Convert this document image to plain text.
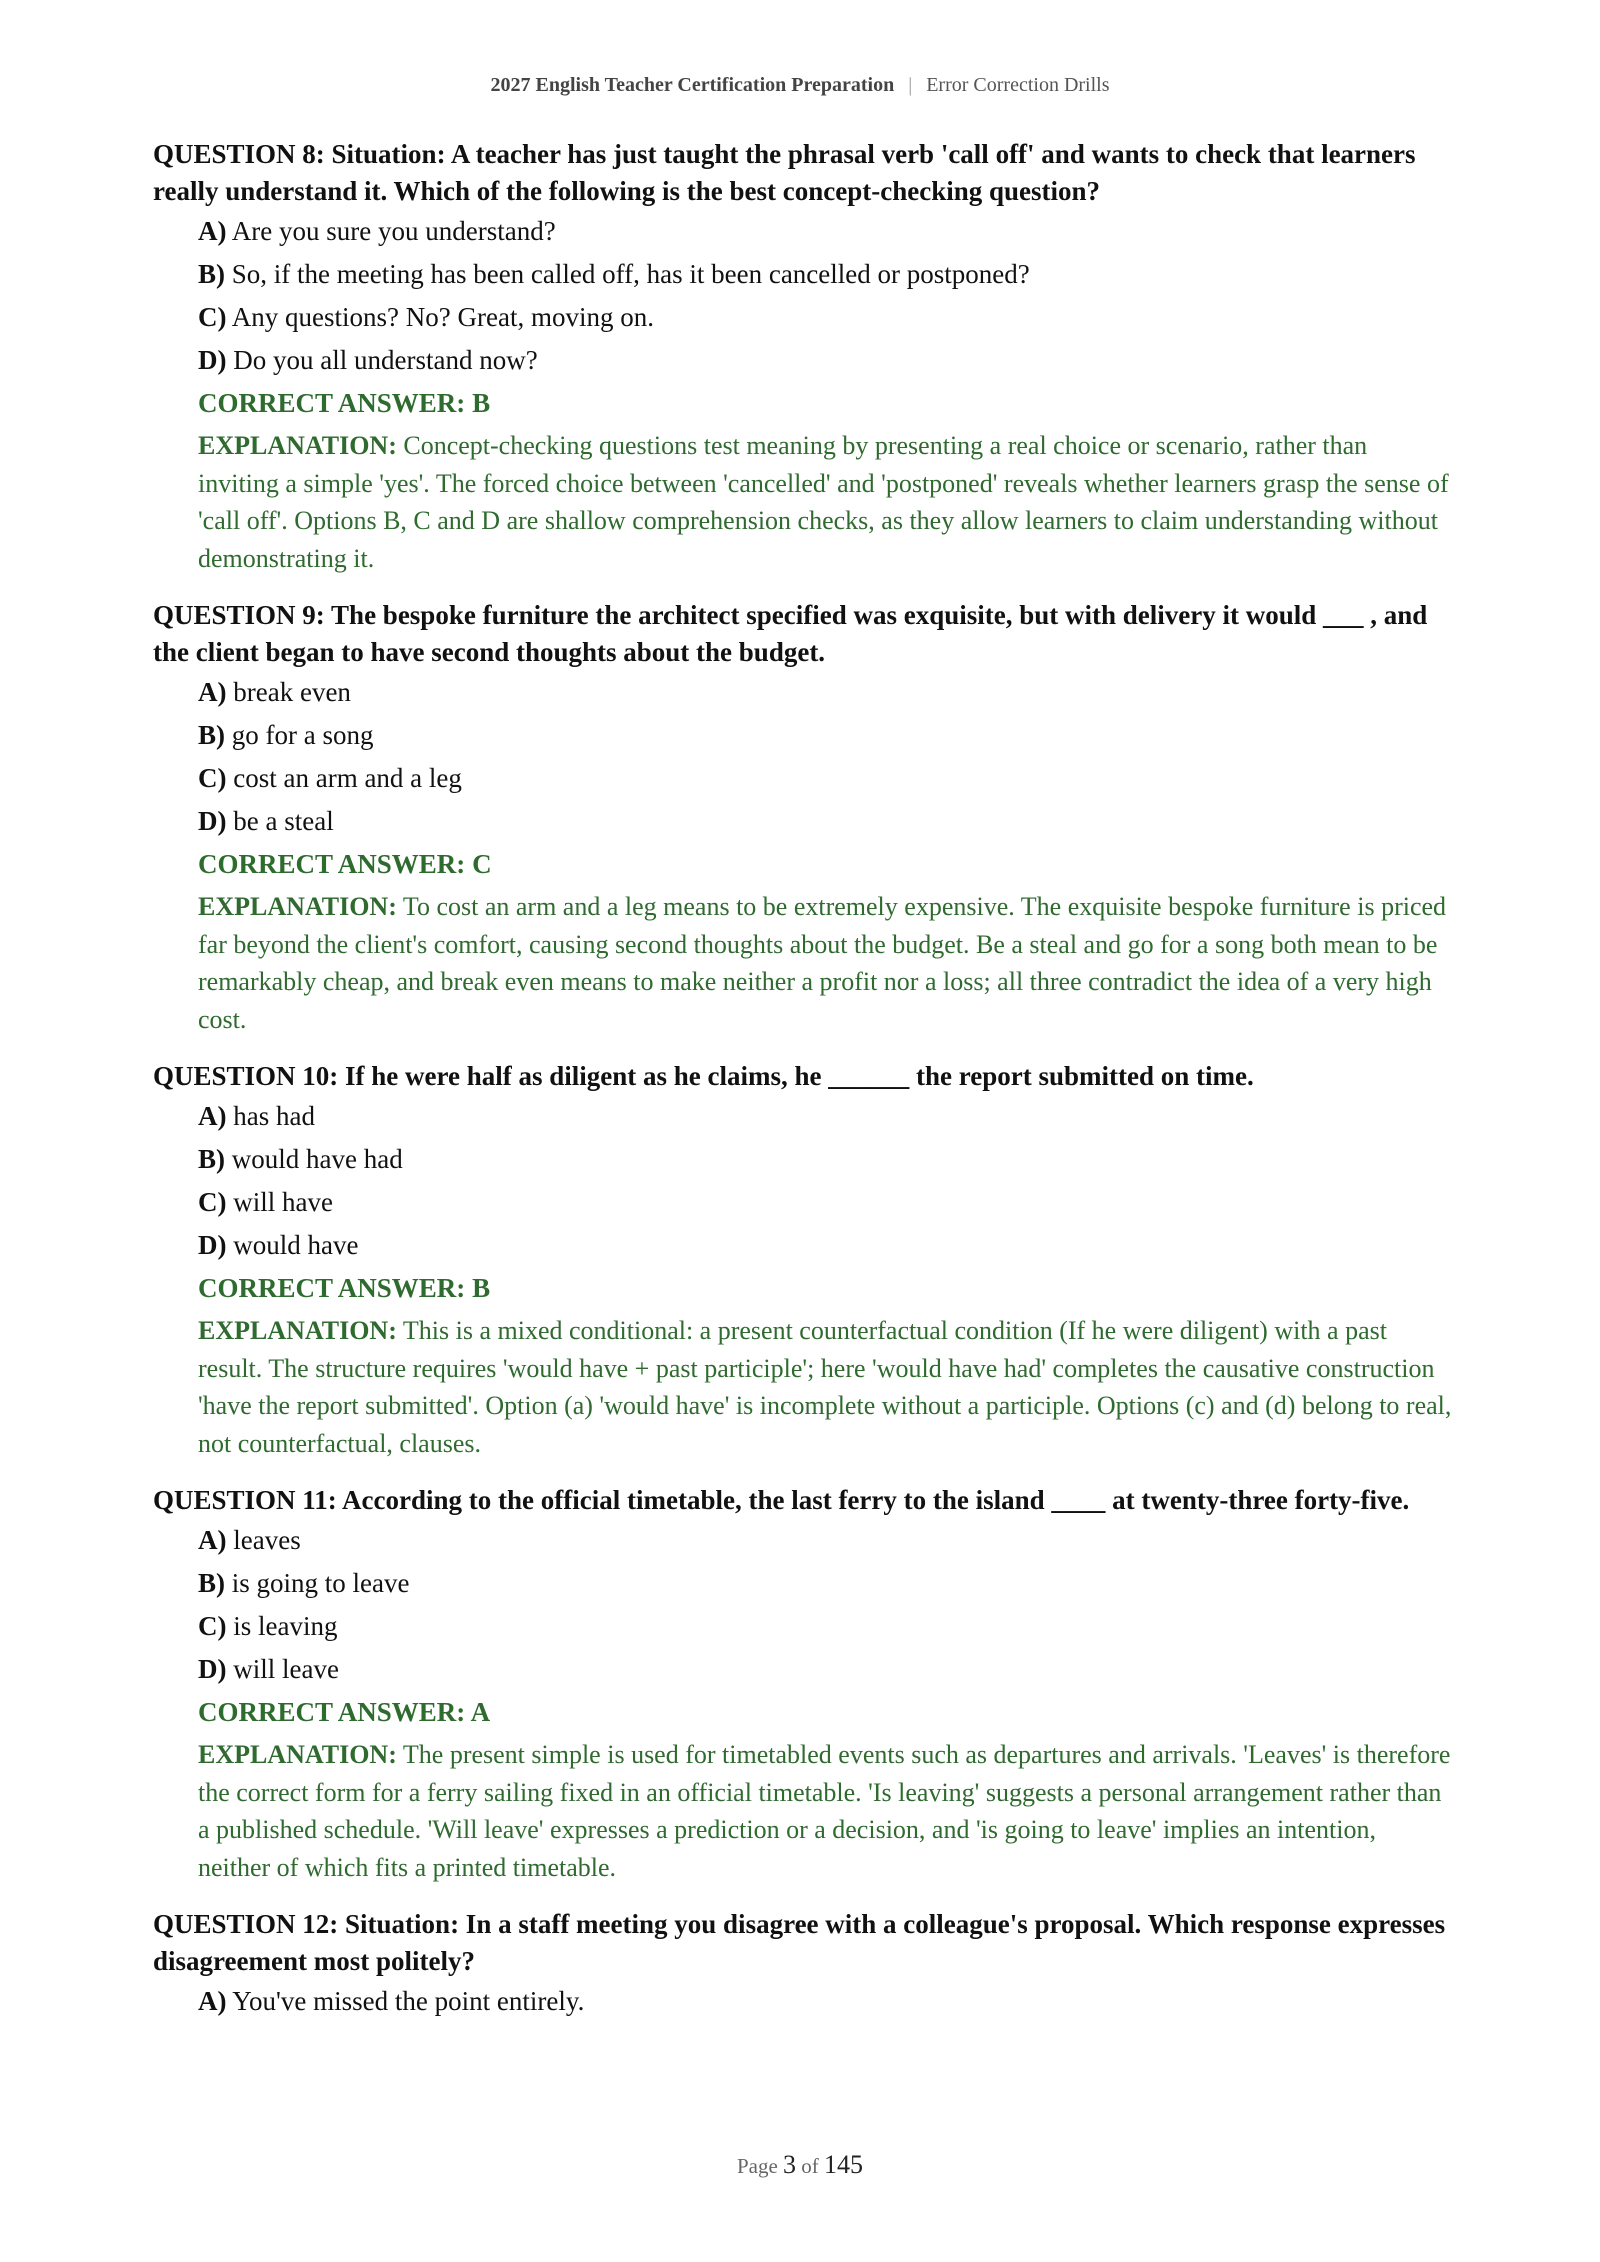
2027 English Teacher Certification Preparation | Error Correction Drills
QUESTION 8: Situation: A teacher has just taught the phrasal verb 'call off' and wants to check that learners really understand it. Which of the following is the best concept-checking question?
A) Are you sure you understand?
B) So, if the meeting has been called off, has it been cancelled or postponed?
C) Any questions? No? Great, moving on.
D) Do you all understand now?
CORRECT ANSWER: B
EXPLANATION: Concept-checking questions test meaning by presenting a real choice or scenario, rather than inviting a simple 'yes'. The forced choice between 'cancelled' and 'postponed' reveals whether learners grasp the sense of 'call off'. Options B, C and D are shallow comprehension checks, as they allow learners to claim understanding without demonstrating it.
QUESTION 9: The bespoke furniture the architect specified was exquisite, but with delivery it would ___ , and the client began to have second thoughts about the budget.
A) break even
B) go for a song
C) cost an arm and a leg
D) be a steal
CORRECT ANSWER: C
EXPLANATION: To cost an arm and a leg means to be extremely expensive. The exquisite bespoke furniture is priced far beyond the client's comfort, causing second thoughts about the budget. Be a steal and go for a song both mean to be remarkably cheap, and break even means to make neither a profit nor a loss; all three contradict the idea of a very high cost.
QUESTION 10: If he were half as diligent as he claims, he ______ the report submitted on time.
A) has had
B) would have had
C) will have
D) would have
CORRECT ANSWER: B
EXPLANATION: This is a mixed conditional: a present counterfactual condition (If he were diligent) with a past result. The structure requires 'would have + past participle'; here 'would have had' completes the causative construction 'have the report submitted'. Option (a) 'would have' is incomplete without a participle. Options (c) and (d) belong to real, not counterfactual, clauses.
QUESTION 11: According to the official timetable, the last ferry to the island ____ at twenty-three forty-five.
A) leaves
B) is going to leave
C) is leaving
D) will leave
CORRECT ANSWER: A
EXPLANATION: The present simple is used for timetabled events such as departures and arrivals. 'Leaves' is therefore the correct form for a ferry sailing fixed in an official timetable. 'Is leaving' suggests a personal arrangement rather than a published schedule. 'Will leave' expresses a prediction or a decision, and 'is going to leave' implies an intention, neither of which fits a printed timetable.
QUESTION 12: Situation: In a staff meeting you disagree with a colleague's proposal. Which response expresses disagreement most politely?
A) You've missed the point entirely.
Page 3 of 145
